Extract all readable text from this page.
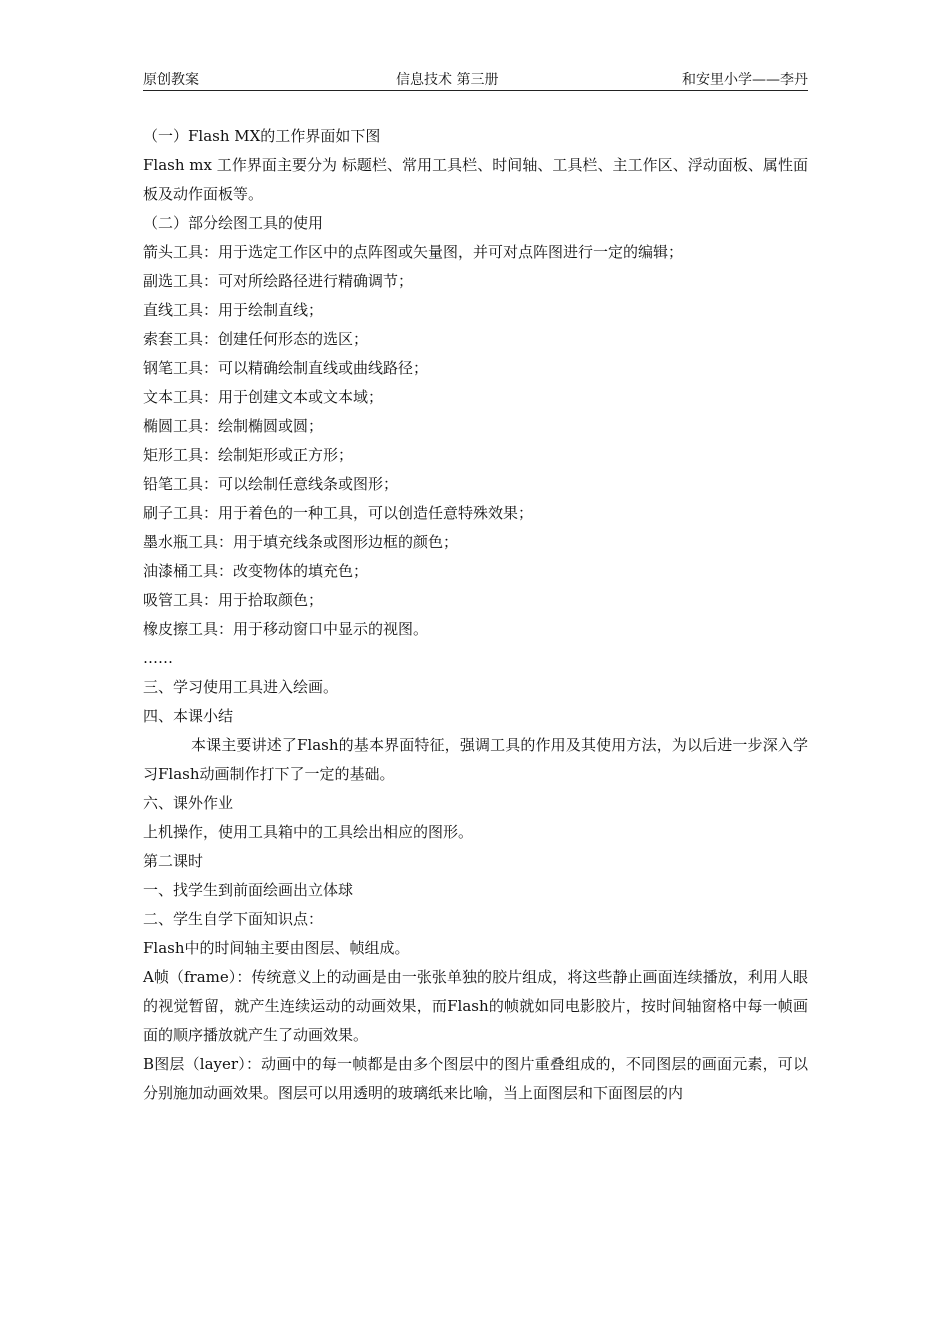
原创教案	信息技术 第三册	和安里小学——李丹

（一）Flash MX的工作界面如下图

Flash mx 工作界面主要分为 标题栏、常用工具栏、时间轴、工具栏、主工作区、浮动面板、属性面板及动作面板等。

（二）部分绘图工具的使用

箭头工具：用于选定工作区中的点阵图或矢量图，并可对点阵图进行一定的编辑；

副选工具：可对所绘路径进行精确调节；

直线工具：用于绘制直线；

索套工具：创建任何形态的选区；

钢笔工具：可以精确绘制直线或曲线路径；

文本工具：用于创建文本或文本域；

椭圆工具：绘制椭圆或圆；

矩形工具：绘制矩形或正方形；

铅笔工具：可以绘制任意线条或图形；

刷子工具：用于着色的一种工具，可以创造任意特殊效果；

墨水瓶工具：用于填充线条或图形边框的颜色；

油漆桶工具：改变物体的填充色；

吸管工具：用于拾取颜色；

橡皮擦工具：用于移动窗口中显示的视图。

……

三、学习使用工具进入绘画。

四、本课小结

本课主要讲述了Flash的基本界面特征，强调工具的作用及其使用方法，为以后进一步深入学习Flash动画制作打下了一定的基础。

六、课外作业

上机操作，使用工具箱中的工具绘出相应的图形。

第二课时

一、找学生到前面绘画出立体球

二、学生自学下面知识点：

Flash中的时间轴主要由图层、帧组成。

A帧（frame）：传统意义上的动画是由一张张单独的胶片组成，将这些静止画面连续播放，利用人眼的视觉暂留，就产生连续运动的动画效果，而Flash的帧就如同电影胶片，按时间轴窗格中每一帧画面的顺序播放就产生了动画效果。

B图层（layer）：动画中的每一帧都是由多个图层中的图片重叠组成的，不同图层的画面元素，可以分别施加动画效果。图层可以用透明的玻璃纸来比喻，当上面图层和下面图层的内
